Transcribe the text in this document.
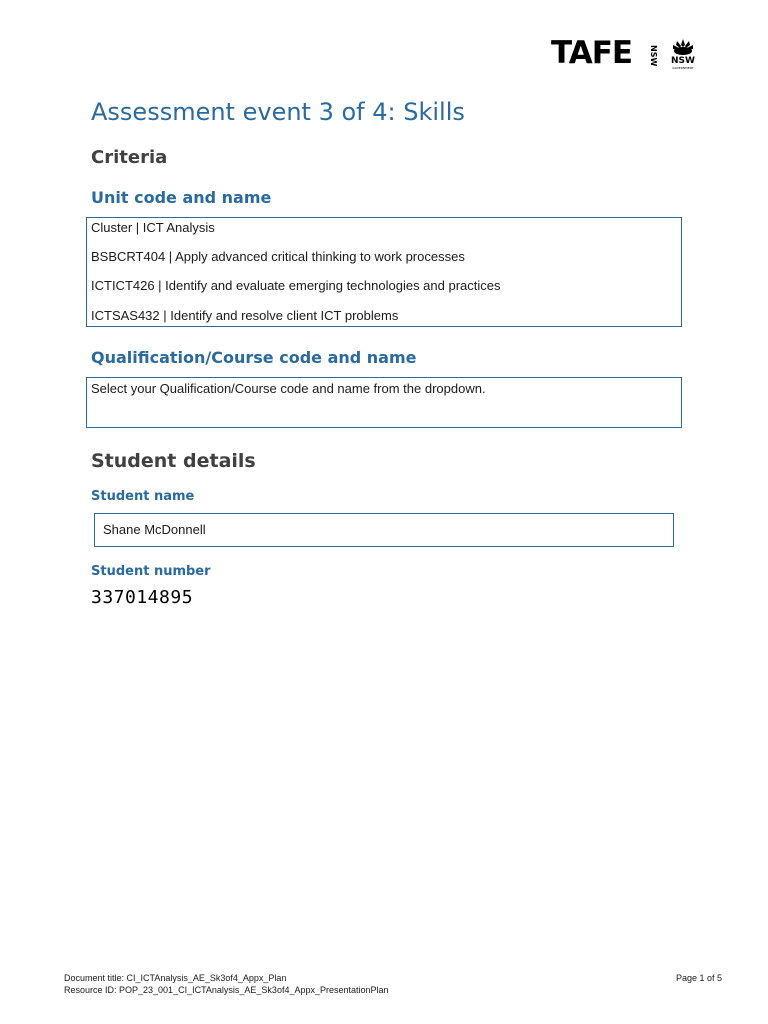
TAFE NSW NSW
GOVERNMENT
Assessment event 3 of 4: Skills
Criteria
Unit code and name
Cluster | ICT Analysis
BSBCRT404 | Apply advanced critical thinking to work processes
ICTICT426 | Identify and evaluate emerging technologies and practices
ICTSAS432 | Identify and resolve client ICT problems
Qualification/Course code and name
Select your Qualification/Course code and name from the dropdown.
Student details
Student name
Shane McDonnell
Student number
337014895
Document title: CI_ICTAnalysis_AE_Sk3of4_Appx_Plan
Resource ID: POP_23_001_CI_ICTAnalysis_AE_Sk3of4_Appx_PresentationPlan
Page 1 of 5
